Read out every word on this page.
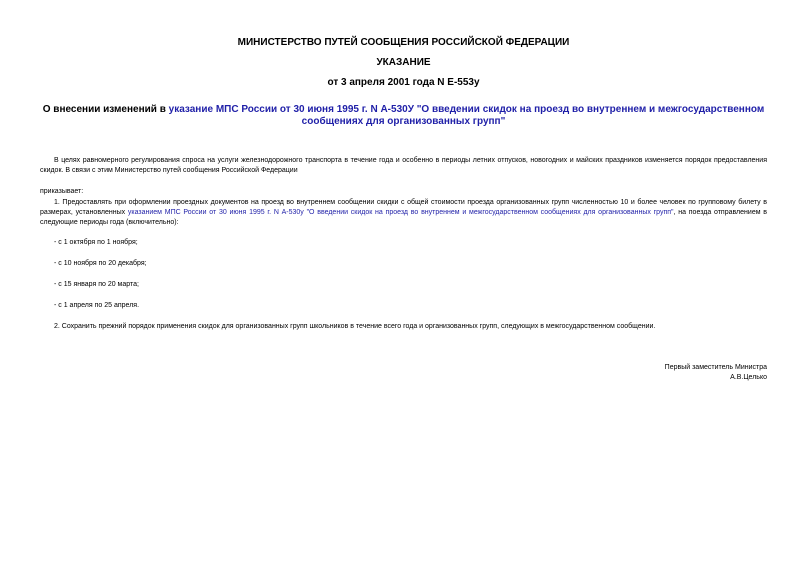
МИНИСТЕРСТВО ПУТЕЙ СООБЩЕНИЯ РОССИЙСКОЙ ФЕДЕРАЦИИ
УКАЗАНИЕ
от 3 апреля 2001 года N Е-553у
О внесении изменений в указание МПС России от 30 июня 1995 г. N А-530У "О введении скидок на проезд во внутреннем и межгосударственном сообщениях для организованных групп"
В целях равномерного регулирования спроса на услуги железнодорожного транспорта в течение года и особенно в периоды летних отпусков, новогодних и майских праздников изменяется порядок предоставления скидок. В связи с этим Министерство путей сообщения Российской Федерации
приказывает:
1. Предоставлять при оформлении проездных документов на проезд во внутреннем сообщении скидки с общей стоимости проезда организованных групп численностью 10 и более человек по групповому билету в размерах, установленных указанием МПС России от 30 июня 1995 г. N А-530у "О введении скидок на проезд во внутреннем и межгосударственном сообщениях для организованных групп", на поезда отправлением в следующие периоды года (включительно):
- с 1 октября по 1 ноября;
- с 10 ноября по 20 декабря;
- с 15 января по 20 марта;
- с 1 апреля по 25 апреля.
2. Сохранить прежний порядок применения скидок для организованных групп школьников в течение всего года и организованных групп, следующих в межгосударственном сообщении.
Первый заместитель Министра
А.В.Целько
